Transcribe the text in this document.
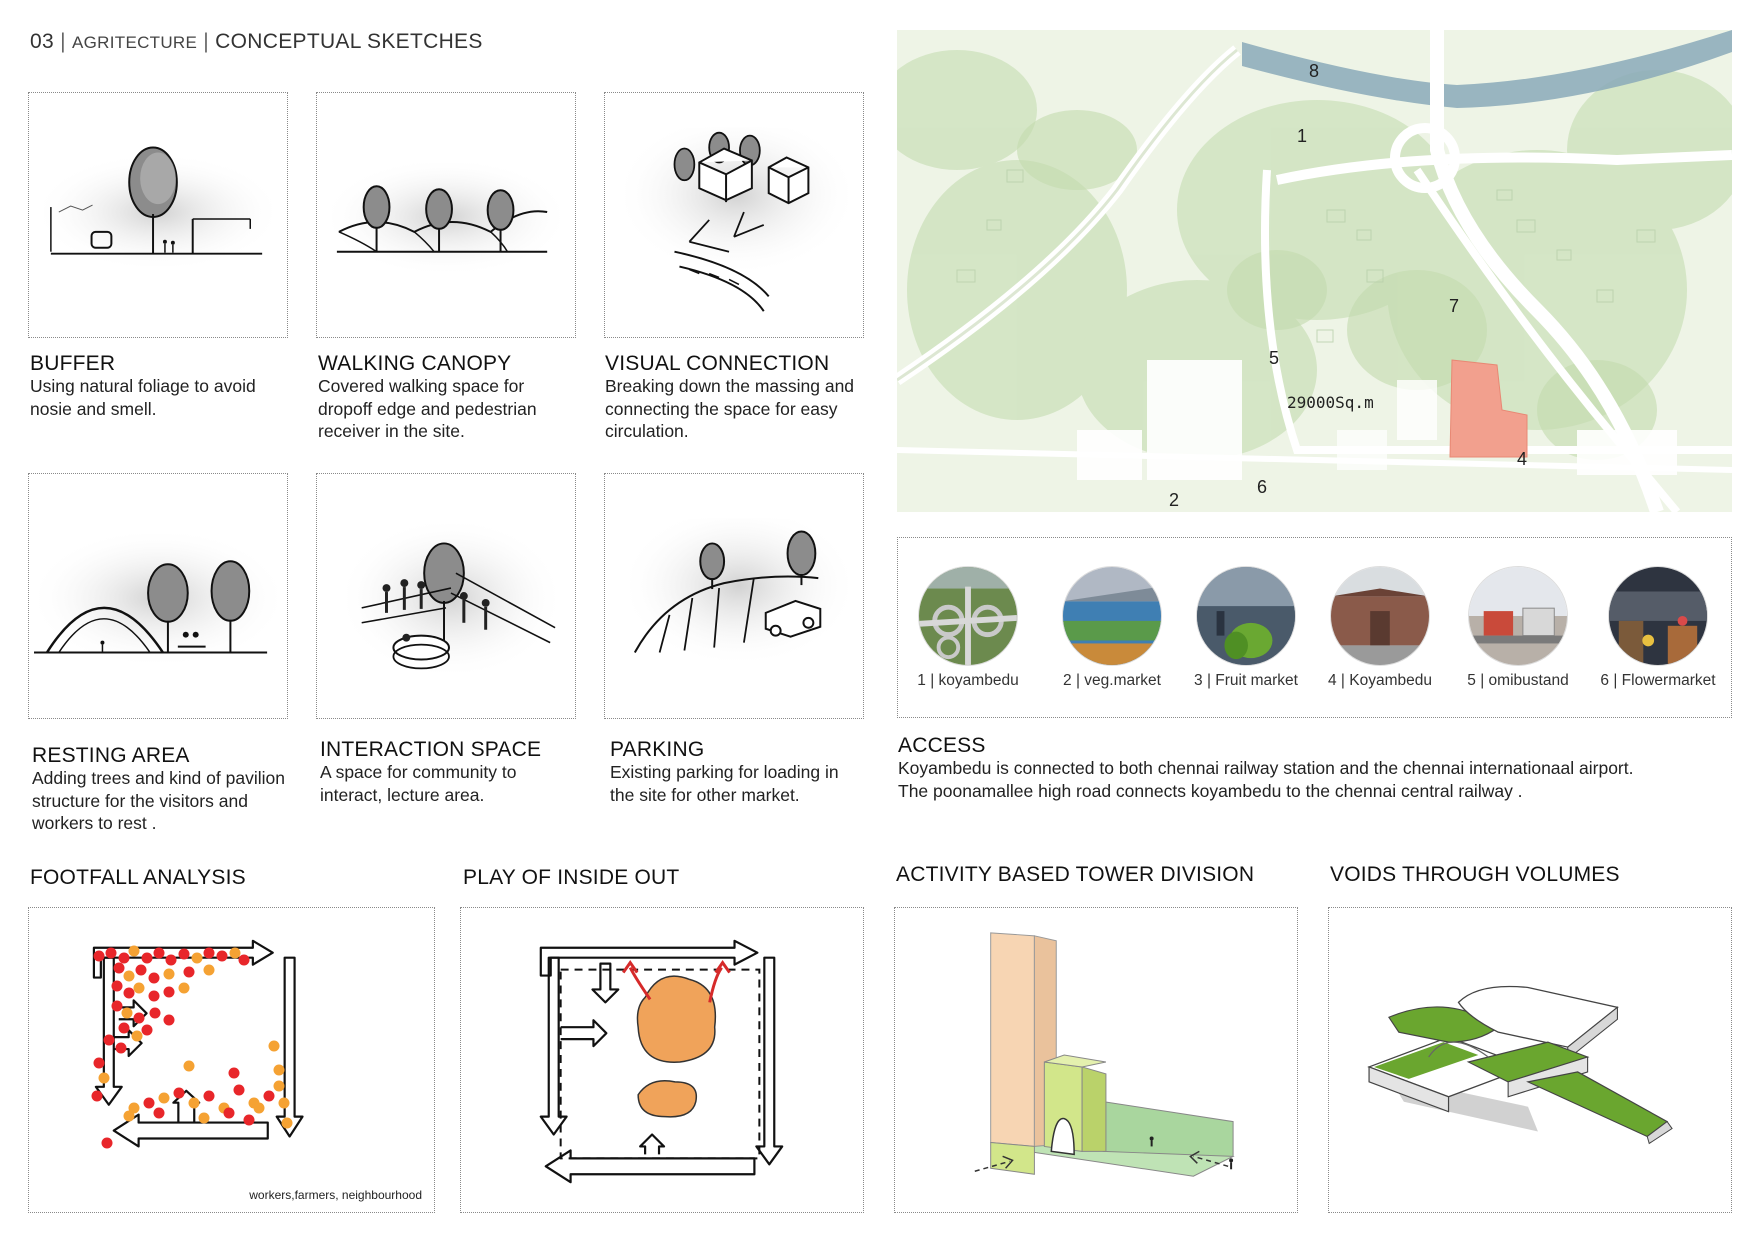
03 | AGRITECTURE | CONCEPTUAL SKETCHES
BUFFER
Using natural foliage to avoid nosie and smell.
WALKING CANOPY
Covered walking space for dropoff edge and pedestrian receiver in the site.
VISUAL CONNECTION
Breaking down the massing and connecting the space for easy circulation.
RESTING AREA
Adding trees and kind of pavilion structure for the visitors and workers to rest .
INTERACTION SPACE
A space for community to interact, lecture area.
PARKING
Existing parking for loading in the site for other market.
8
1
7
5
29000Sq.m
4
6
2
1 | koyambedu	2 | veg.market	3 | Fruit market	4 | Koyambedu	5 | omibustand	6 | Flowermarket
ACCESS
Koyambedu is connected to both chennai railway station and the chennai internationaal airport.
The poonamallee high road connects koyambedu to the chennai central railway .
FOOTFALL ANALYSIS	PLAY OF INSIDE OUT	ACTIVITY BASED TOWER DIVISION	VOIDS THROUGH VOLUMES
workers,farmers, neighbourhood
